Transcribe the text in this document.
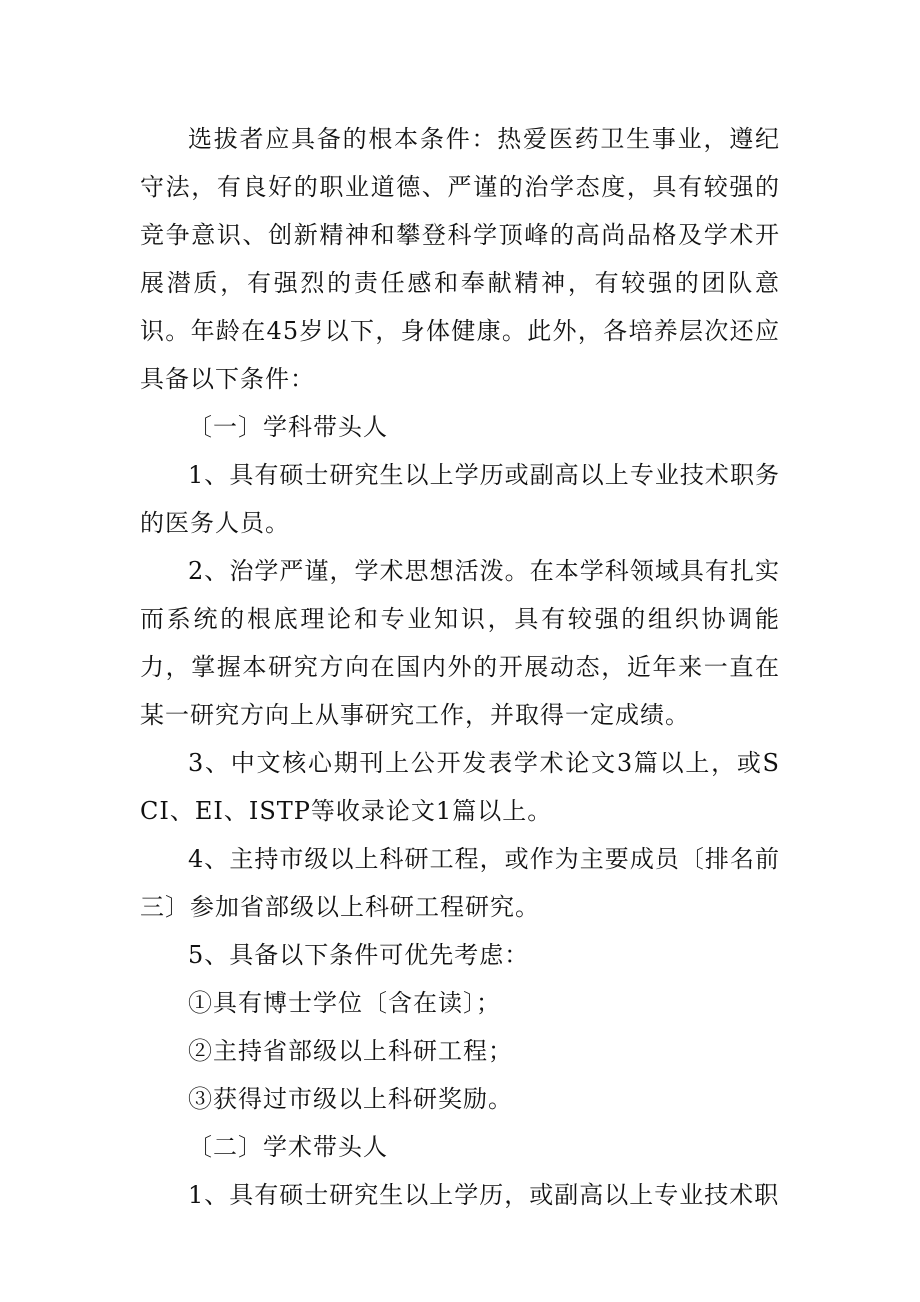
选拔者应具备的根本条件：热爱医药卫生事业，遵纪守法，有良好的职业道德、严谨的治学态度，具有较强的竞争意识、创新精神和攀登科学顶峰的高尚品格及学术开展潜质，有强烈的责任感和奉献精神，有较强的团队意识。年龄在45岁以下，身体健康。此外，各培养层次还应具备以下条件：

〔一〕学科带头人

1、具有硕士研究生以上学历或副高以上专业技术职务的医务人员。

2、治学严谨，学术思想活泼。在本学科领域具有扎实而系统的根底理论和专业知识，具有较强的组织协调能力，掌握本研究方向在国内外的开展动态，近年来一直在某一研究方向上从事研究工作，并取得一定成绩。

3、中文核心期刊上公开发表学术论文3篇以上，或SCI、EI、ISTP等收录论文1篇以上。

4、主持市级以上科研工程，或作为主要成员〔排名前三〕参加省部级以上科研工程研究。

5、具备以下条件可优先考虑：

①具有博士学位〔含在读〕；

②主持省部级以上科研工程；

③获得过市级以上科研奖励。

〔二〕学术带头人

1、具有硕士研究生以上学历，或副高以上专业技术职
